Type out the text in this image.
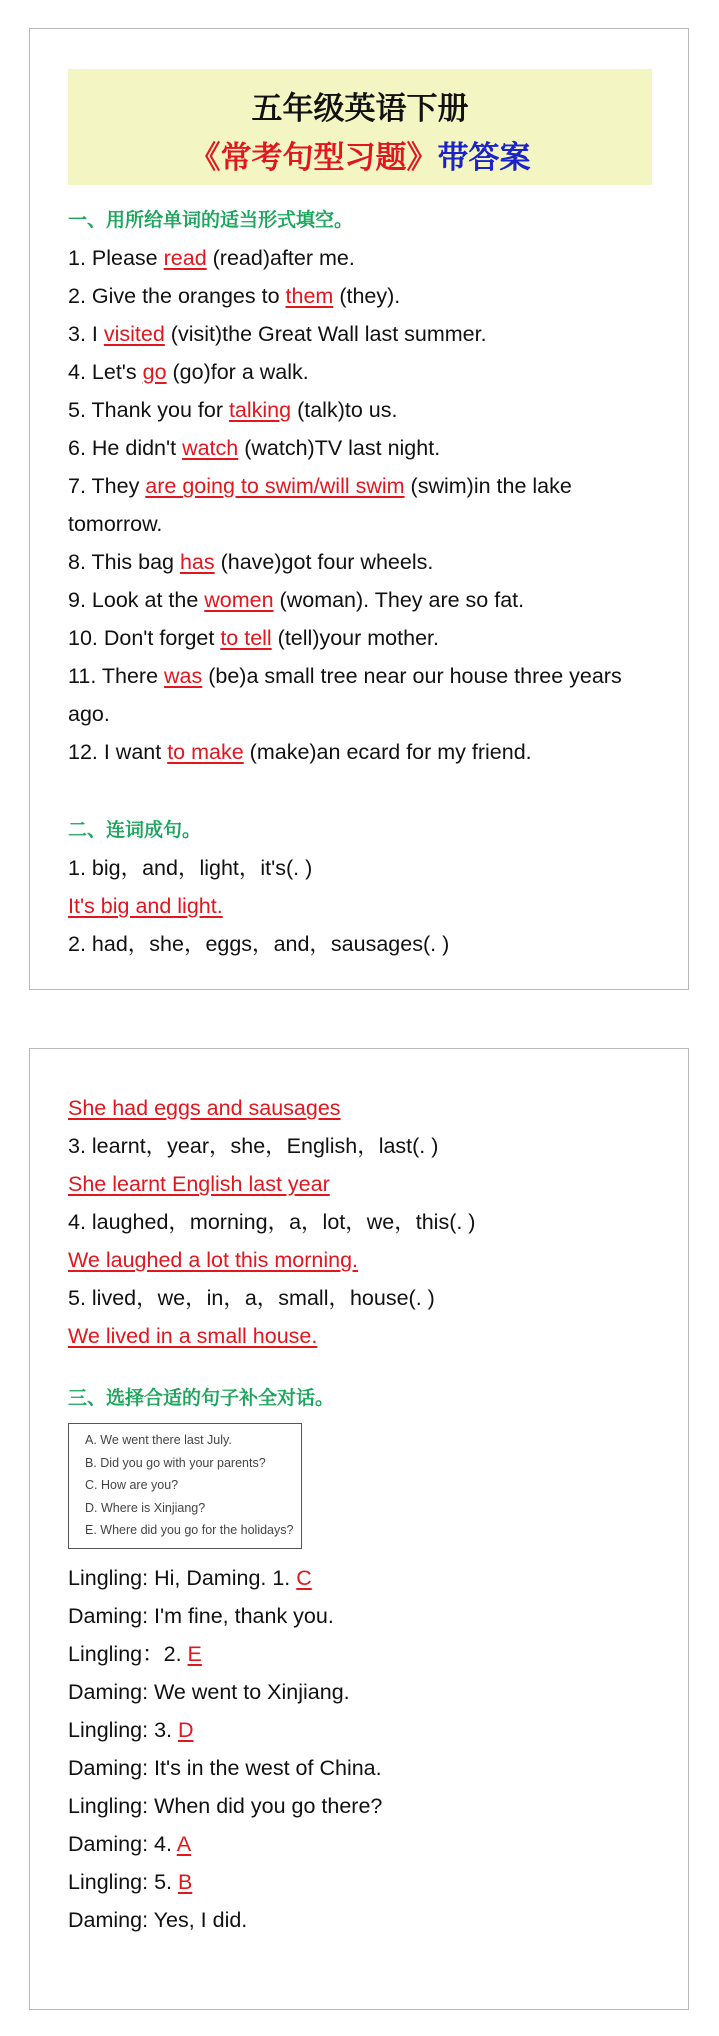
五年级英语下册
《常考句型习题》带答案
一、用所给单词的适当形式填空。
1. Please read (read)after me.
2. Give the oranges to them (they).
3. I visited (visit)the Great Wall last summer.
4. Let's go (go)for a walk.
5. Thank you for talking (talk)to us.
6. He didn't watch (watch)TV last night.
7. They are going to swim/will swim (swim)in the lake tomorrow.
8. This bag has (have)got four wheels.
9. Look at the women (woman). They are so fat.
10. Don't forget to tell (tell)your mother.
11. There was (be)a small tree near our house three years ago.
12. I want to make (make)an ecard for my friend.
二、连词成句。
1. big，and，light，it's(. )
It's big and light.
2. had，she，eggs，and，sausages(. )
She had eggs and sausages
3. learnt，year，she，English，last(. )
She learnt English last year
4. laughed，morning，a，lot，we，this(. )
We laughed a lot this morning.
5. lived，we，in，a，small，house(. )
We lived in a small house.
三、选择合适的句子补全对话。
A. We went there last July.
B. Did you go with your parents?
C. How are you?
D. Where is Xinjiang?
E. Where did you go for the holidays?
Lingling: Hi, Daming. 1. C
Daming: I'm fine, thank you.
Lingling：2. E
Daming: We went to Xinjiang.
Lingling: 3. D
Daming: It's in the west of China.
Lingling: When did you go there?
Daming: 4. A
Lingling: 5. B
Daming: Yes, I did.
